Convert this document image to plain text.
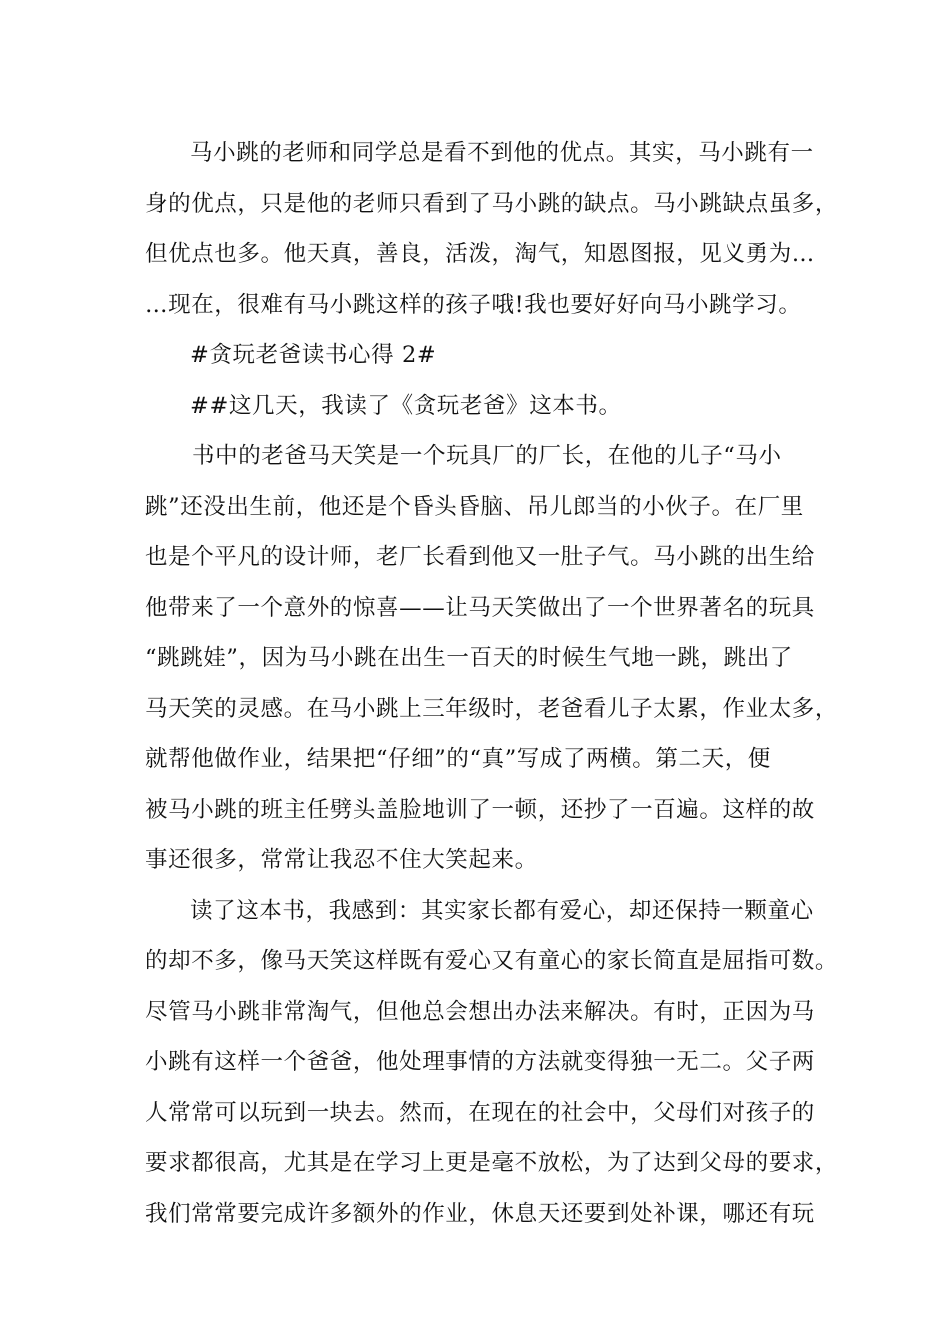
马小跳的老师和同学总是看不到他的优点。其实，马小跳有一
身的优点，只是他的老师只看到了马小跳的缺点。马小跳缺点虽多，
但优点也多。他天真，善良，活泼，淘气，知恩图报，见义勇为…
…现在，很难有马小跳这样的孩子哦!我也要好好向马小跳学习。
#贪玩老爸读书心得 2#
##这几天，我读了《贪玩老爸》这本书。
书中的老爸马天笑是一个玩具厂的厂长，在他的儿子“马小
跳”还没出生前，他还是个昏头昏脑、吊儿郎当的小伙子。在厂里
也是个平凡的设计师，老厂长看到他又一肚子气。马小跳的出生给
他带来了一个意外的惊喜——让马天笑做出了一个世界著名的玩具
“跳跳娃”，因为马小跳在出生一百天的时候生气地一跳，跳出了
马天笑的灵感。在马小跳上三年级时，老爸看儿子太累，作业太多，
就帮他做作业，结果把“仔细”的“真”写成了两横。第二天，便
被马小跳的班主任劈头盖脸地训了一顿，还抄了一百遍。这样的故
事还很多，常常让我忍不住大笑起来。
读了这本书，我感到：其实家长都有爱心，却还保持一颗童心
的却不多，像马天笑这样既有爱心又有童心的家长简直是屈指可数。
尽管马小跳非常淘气，但他总会想出办法来解决。有时，正因为马
小跳有这样一个爸爸，他处理事情的方法就变得独一无二。父子两
人常常可以玩到一块去。然而，在现在的社会中，父母们对孩子的
要求都很高，尤其是在学习上更是毫不放松，为了达到父母的要求，
我们常常要完成许多额外的作业，休息天还要到处补课，哪还有玩
